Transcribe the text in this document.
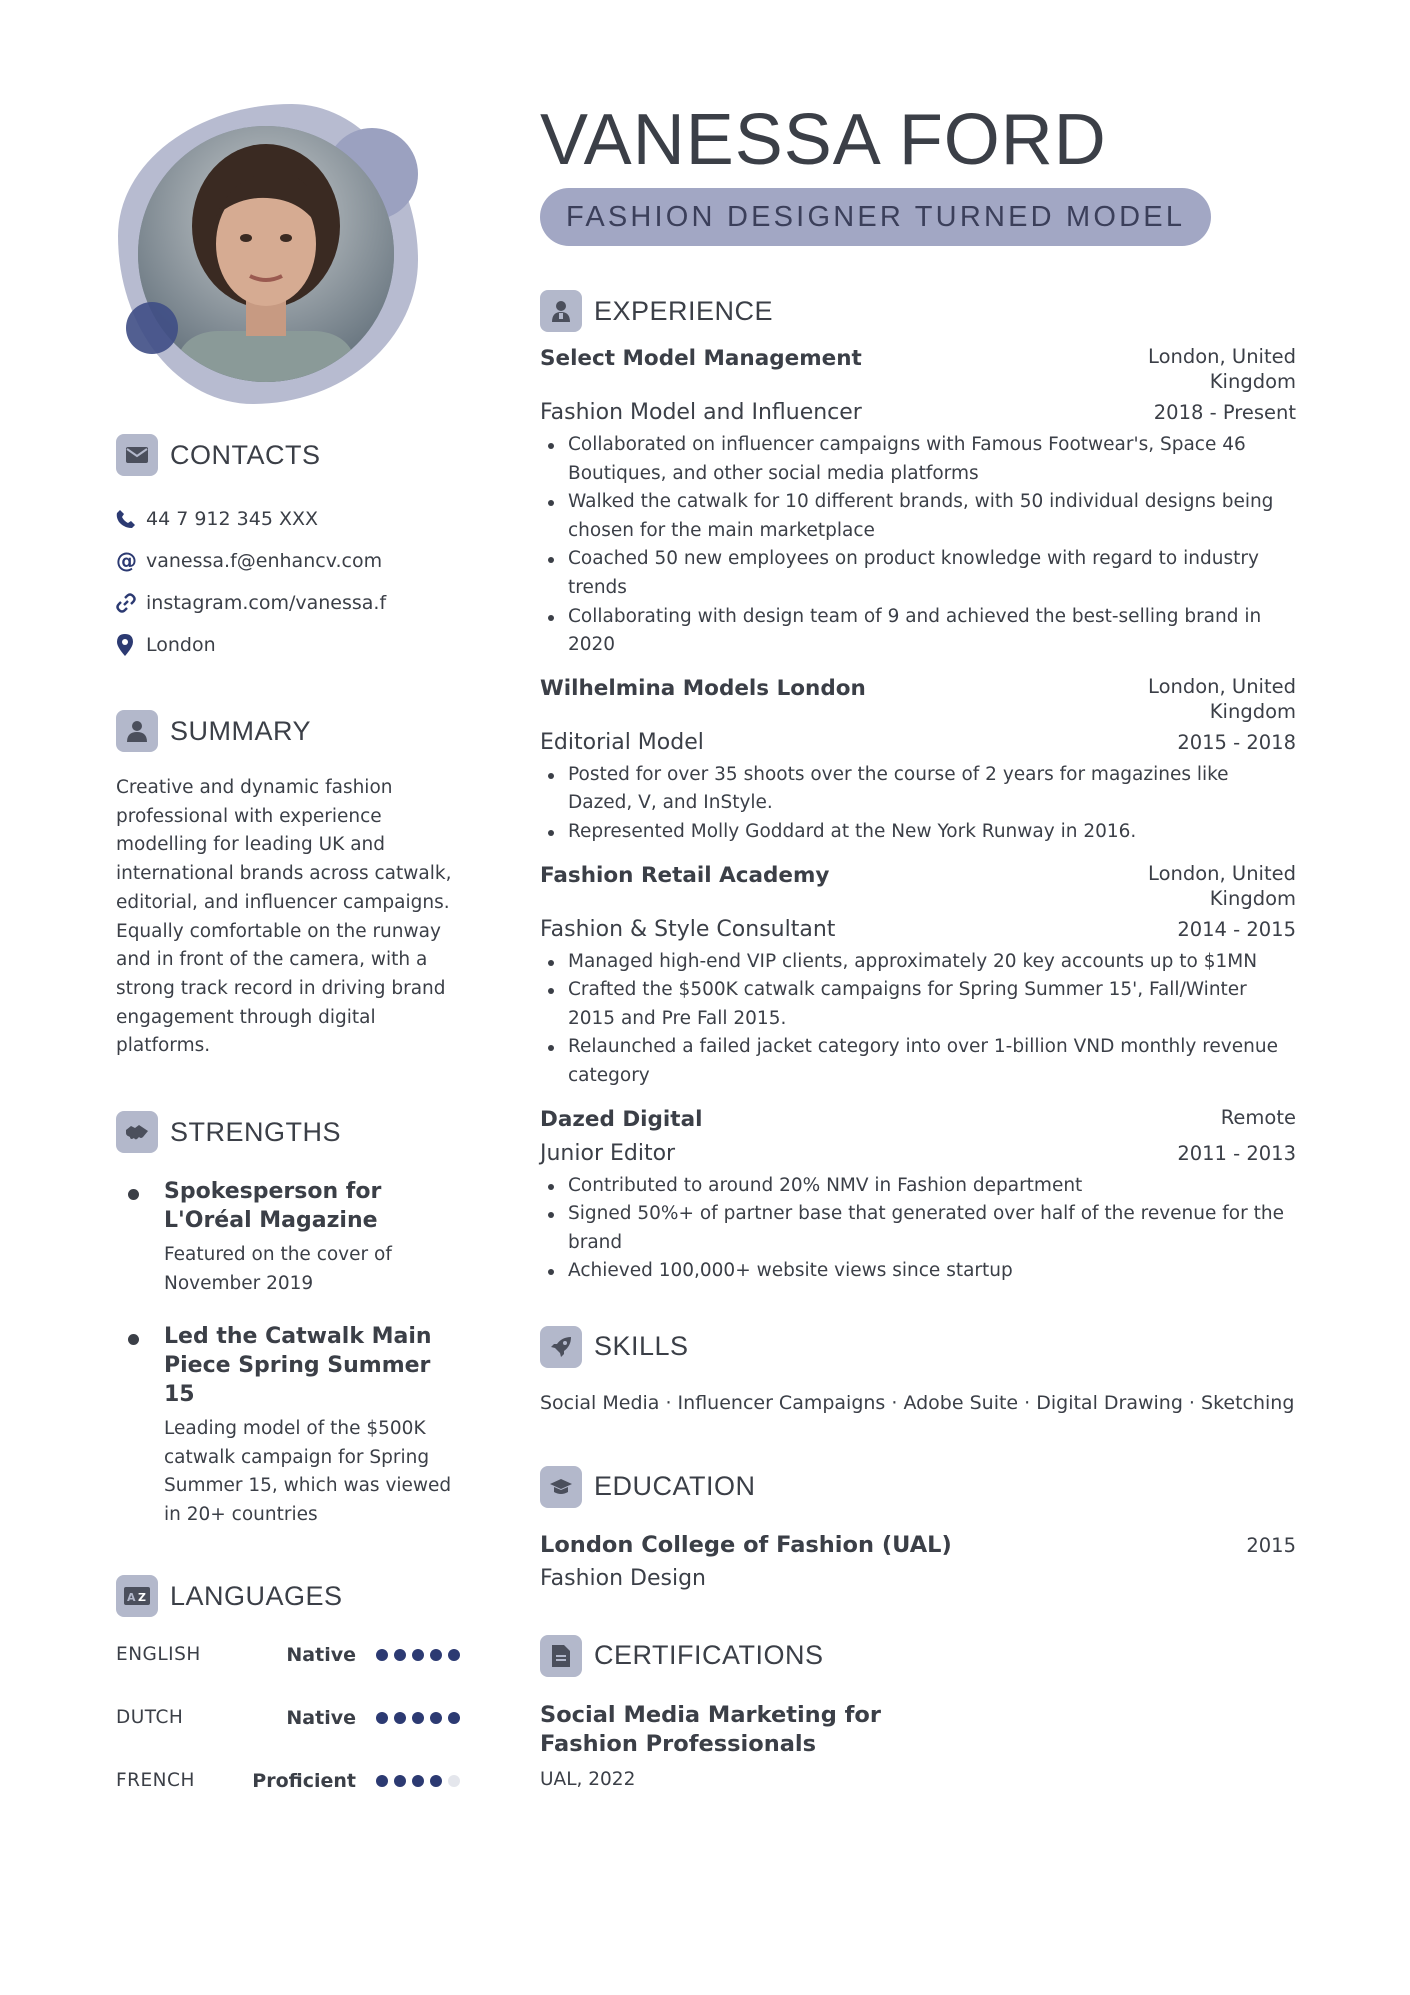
CONTACTS
44 7 912 345 XXX
@ vanessa.f@enhancv.com
instagram.com/vanessa.f
London
SUMMARY
Creative and dynamic fashion professional with experience modelling for leading UK and international brands across catwalk, editorial, and influencer campaigns. Equally comfortable on the runway and in front of the camera, with a strong track record in driving brand engagement through digital platforms.
STRENGTHS
Spokesperson for L'Oréal Magazine
Featured on the cover of November 2019
Led the Catwalk Main Piece Spring Summer 15
Leading model of the $500K catwalk campaign for Spring Summer 15, which was viewed in 20+ countries
A Z LANGUAGES
ENGLISH	Native
DUTCH	Native
FRENCH	Proficient
VANESSA FORD
FASHION DESIGNER TURNED MODEL
EXPERIENCE
Select Model Management	London, United Kingdom
Fashion Model and Influencer	2018 - Present
Collaborated on influencer campaigns with Famous Footwear's, Space 46 Boutiques, and other social media platforms
Walked the catwalk for 10 different brands, with 50 individual designs being chosen for the main marketplace
Coached 50 new employees on product knowledge with regard to industry trends
Collaborating with design team of 9 and achieved the best-selling brand in 2020
Wilhelmina Models London	London, United Kingdom
Editorial Model	2015 - 2018
Posted for over 35 shoots over the course of 2 years for magazines like Dazed, V, and InStyle.
Represented Molly Goddard at the New York Runway in 2016.
Fashion Retail Academy	London, United Kingdom
Fashion & Style Consultant	2014 - 2015
Managed high-end VIP clients, approximately 20 key accounts up to $1MN
Crafted the $500K catwalk campaigns for Spring Summer 15', Fall/Winter 2015 and Pre Fall 2015.
Relaunched a failed jacket category into over 1-billion VND monthly revenue category
Dazed Digital	Remote
Junior Editor	2011 - 2013
Contributed to around 20% NMV in Fashion department
Signed 50%+ of partner base that generated over half of the revenue for the brand
Achieved 100,000+ website views since startup
SKILLS
Social Media · Influencer Campaigns · Adobe Suite · Digital Drawing · Sketching
EDUCATION
London College of Fashion (UAL)	2015
Fashion Design
CERTIFICATIONS
Social Media Marketing for Fashion Professionals
UAL, 2022
